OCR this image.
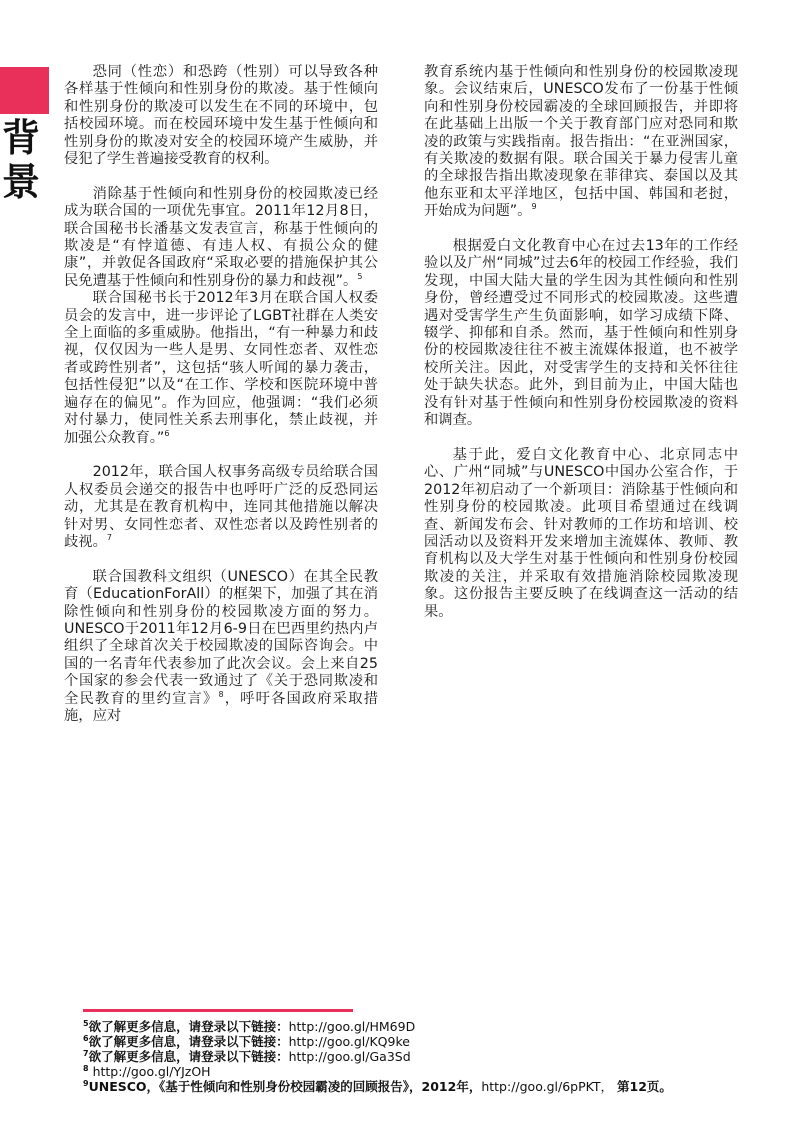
背
景

恐同（性恋）和恐跨（性别）可以导致各种各样基于性倾向和性别身份的欺凌。基于性倾向和性别身份的欺凌可以发生在不同的环境中，包括校园环境。而在校园环境中发生基于性倾向和性别身份的欺凌对安全的校园环境产生威胁，并侵犯了学生普遍接受教育的权利。

消除基于性倾向和性别身份的校园欺凌已经成为联合国的一项优先事宜。2011年12月8日，联合国秘书长潘基文发表宣言，称基于性倾向的欺凌是“有悖道德、有违人权、有损公众的健康”，并敦促各国政府“采取必要的措施保护其公民免遭基于性倾向和性别身份的暴力和歧视”。$^5$

联合国秘书长于2012年3月在联合国人权委员会的发言中，进一步评论了LGBT社群在人类安全上面临的多重威胁。他指出，“有一种暴力和歧视，仅仅因为一些人是男、女同性恋者、双性恋者或跨性别者”，这包括“骇人听闻的暴力袭击，包括性侵犯”以及“在工作、学校和医院环境中普遍存在的偏见”。作为回应，他强调：“我们必须对付暴力，使同性关系去刑事化，禁止歧视，并加强公众教育。”$^6$

2012年，联合国人权事务高级专员给联合国人权委员会递交的报告中也呼吁广泛的反恐同运动，尤其是在教育机构中，连同其他措施以解决针对男、女同性恋者、双性恋者以及跨性别者的歧视。$^7$

联合国教科文组织（UNESCO）在其全民教育（EducationForAll）的框架下，加强了其在消除性倾向和性别身份的校园欺凌方面的努力。UNESCO于2011年12月6-9日在巴西里约热内卢组织了全球首次关于校园欺凌的国际咨询会。中国的一名青年代表参加了此次会议。会上来自25个国家的参会代表一致通过了《关于恐同欺凌和全民教育的里约宣言》$^8$，呼吁各国政府采取措施，应对

教育系统内基于性倾向和性别身份的校园欺凌现象。会议结束后，UNESCO发布了一份基于性倾向和性别身份校园霸凌的全球回顾报告，并即将在此基础上出版一个关于教育部门应对恐同和欺凌的政策与实践指南。报告指出：“在亚洲国家，有关欺凌的数据有限。联合国关于暴力侵害儿童的全球报告指出欺凌现象在菲律宾、泰国以及其他东亚和太平洋地区，包括中国、韩国和老挝，开始成为问题”。$^9$

根据爱白文化教育中心在过去13年的工作经验以及广州“同城”过去6年的校园工作经验，我们发现，中国大陆大量的学生因为其性倾向和性别身份，曾经遭受过不同形式的校园欺凌。这些遭遇对受害学生产生负面影响，如学习成绩下降、辍学、抑郁和自杀。然而，基于性倾向和性别身份的校园欺凌往往不被主流媒体报道，也不被学校所关注。因此，对受害学生的支持和关怀往往处于缺失状态。此外，到目前为止，中国大陆也没有针对基于性倾向和性别身份校园欺凌的资料和调查。

基于此，爱白文化教育中心、北京同志中心、广州“同城”与UNESCO中国办公室合作，于2012年初启动了一个新项目：消除基于性倾向和性别身份的校园欺凌。此项目希望通过在线调查、新闻发布会、针对教师的工作坊和培训、校园活动以及资料开发来增加主流媒体、教师、教育机构以及大学生对基于性倾向和性别身份校园欺凌的关注，并采取有效措施消除校园欺凌现象。这份报告主要反映了在线调查这一活动的结果。

$^5$欲了解更多信息，请登录以下链接：http://goo.gl/HM69D
$^6$欲了解更多信息，请登录以下链接：http://goo.gl/KQ9ke
$^7$欲了解更多信息，请登录以下链接：http://goo.gl/Ga3Sd
$^8$ http://goo.gl/YJzOH
$^9$UNESCO，《基于性倾向和性别身份校园霸凌的回顾报告》，2012年，http://goo.gl/6pPKT， 第12页。
